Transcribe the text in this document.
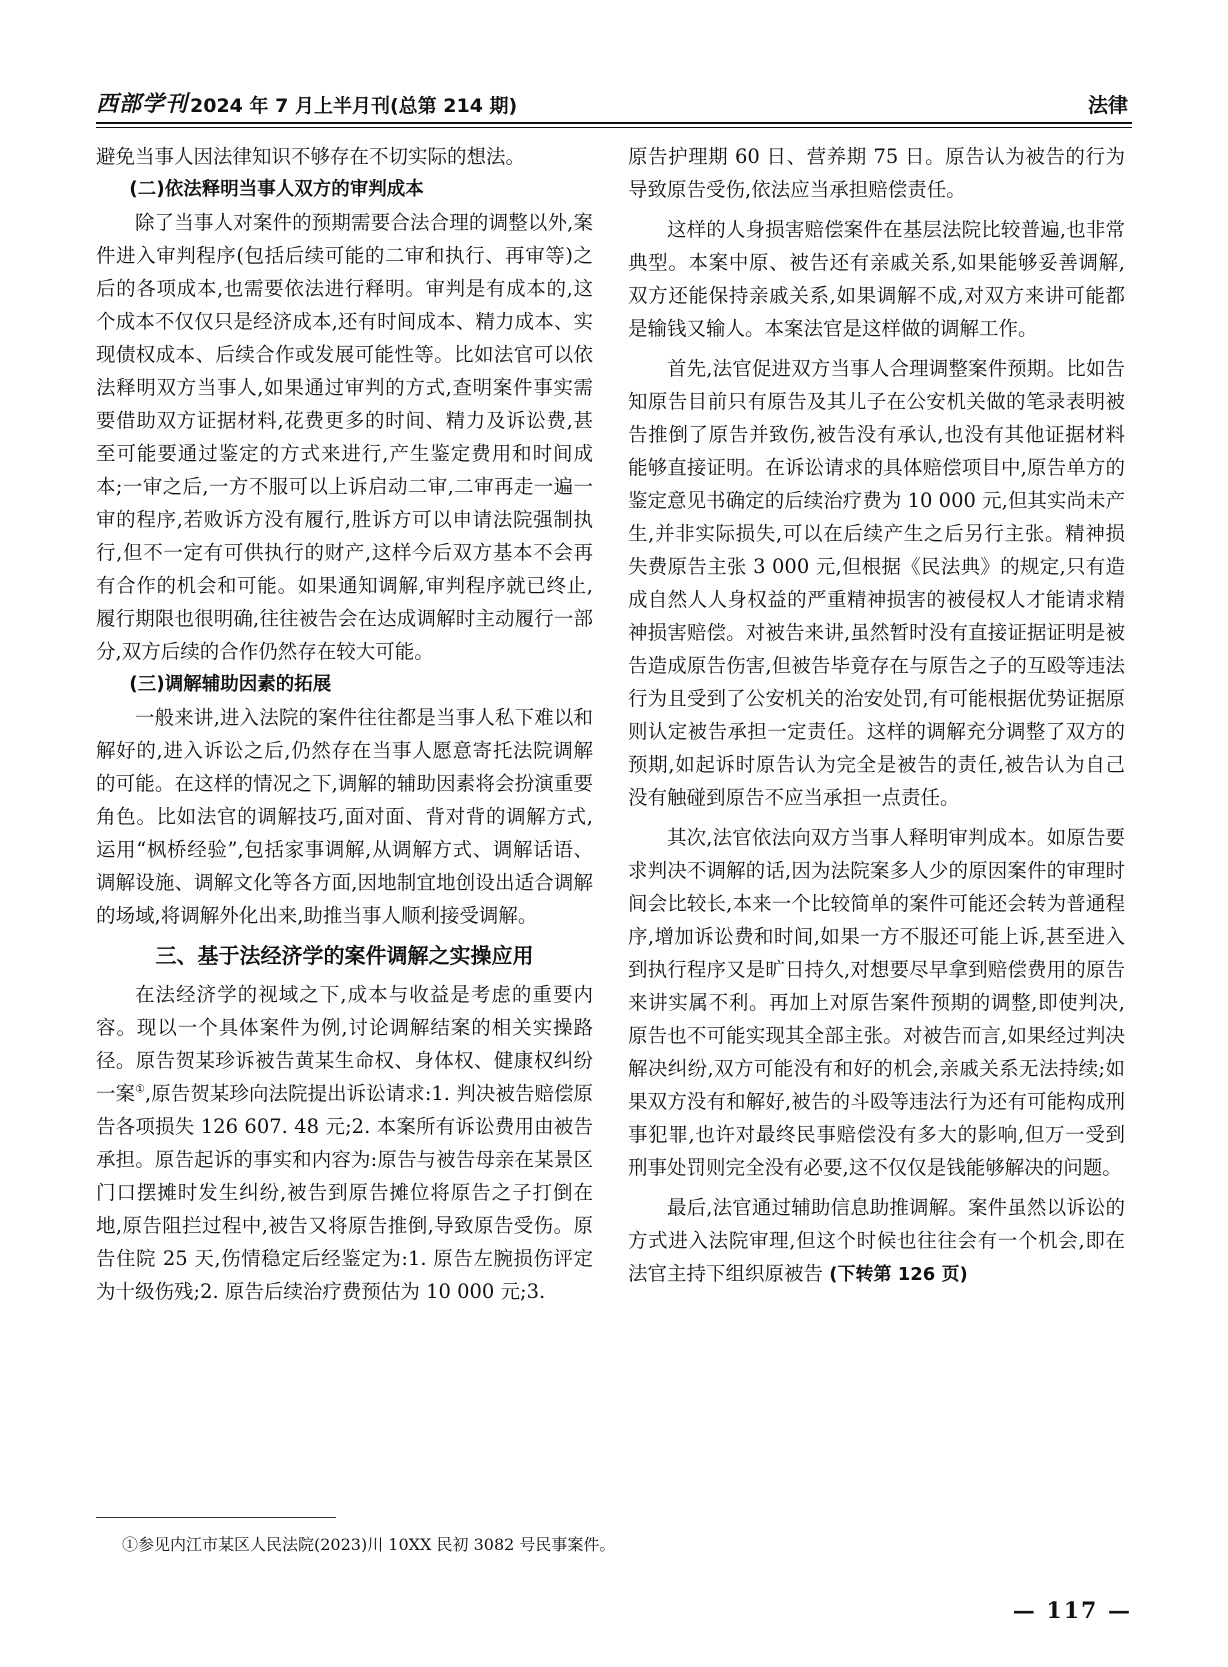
西部学刊 2024 年 7 月上半月刊(总第 214 期)	法律

避免当事人因法律知识不够存在不切实际的想法。

(二)依法释明当事人双方的审判成本

除了当事人对案件的预期需要合法合理的调整以外,案件进入审判程序(包括后续可能的二审和执行、再审等)之后的各项成本,也需要依法进行释明。审判是有成本的,这个成本不仅仅只是经济成本,还有时间成本、精力成本、实现债权成本、后续合作或发展可能性等。比如法官可以依法释明双方当事人,如果通过审判的方式,查明案件事实需要借助双方证据材料,花费更多的时间、精力及诉讼费,甚至可能要通过鉴定的方式来进行,产生鉴定费用和时间成本;一审之后,一方不服可以上诉启动二审,二审再走一遍一审的程序,若败诉方没有履行,胜诉方可以申请法院强制执行,但不一定有可供执行的财产,这样今后双方基本不会再有合作的机会和可能。如果通知调解,审判程序就已终止,履行期限也很明确,往往被告会在达成调解时主动履行一部分,双方后续的合作仍然存在较大可能。

(三)调解辅助因素的拓展

一般来讲,进入法院的案件往往都是当事人私下难以和解好的,进入诉讼之后,仍然存在当事人愿意寄托法院调解的可能。在这样的情况之下,调解的辅助因素将会扮演重要角色。比如法官的调解技巧,面对面、背对背的调解方式,运用“枫桥经验”,包括家事调解,从调解方式、调解话语、调解设施、调解文化等各方面,因地制宜地创设出适合调解的场域,将调解外化出来,助推当事人顺利接受调解。

三、基于法经济学的案件调解之实操应用

在法经济学的视域之下,成本与收益是考虑的重要内容。现以一个具体案件为例,讨论调解结案的相关实操路径。原告贺某珍诉被告黄某生命权、身体权、健康权纠纷一案①,原告贺某珍向法院提出诉讼请求:1. 判决被告赔偿原告各项损失 126 607. 48 元;2. 本案所有诉讼费用由被告承担。原告起诉的事实和内容为:原告与被告母亲在某景区门口摆摊时发生纠纷,被告到原告摊位将原告之子打倒在地,原告阻拦过程中,被告又将原告推倒,导致原告受伤。原告住院 25 天,伤情稳定后经鉴定为:1. 原告左腕损伤评定为十级伤残;2. 原告后续治疗费预估为 10 000 元;3.

原告护理期 60 日、营养期 75 日。原告认为被告的行为导致原告受伤,依法应当承担赔偿责任。

这样的人身损害赔偿案件在基层法院比较普遍,也非常典型。本案中原、被告还有亲戚关系,如果能够妥善调解,双方还能保持亲戚关系,如果调解不成,对双方来讲可能都是输钱又输人。本案法官是这样做的调解工作。

首先,法官促进双方当事人合理调整案件预期。比如告知原告目前只有原告及其儿子在公安机关做的笔录表明被告推倒了原告并致伤,被告没有承认,也没有其他证据材料能够直接证明。在诉讼请求的具体赔偿项目中,原告单方的鉴定意见书确定的后续治疗费为 10 000 元,但其实尚未产生,并非实际损失,可以在后续产生之后另行主张。精神损失费原告主张 3 000 元,但根据《民法典》的规定,只有造成自然人人身权益的严重精神损害的被侵权人才能请求精神损害赔偿。对被告来讲,虽然暂时没有直接证据证明是被告造成原告伤害,但被告毕竟存在与原告之子的互殴等违法行为且受到了公安机关的治安处罚,有可能根据优势证据原则认定被告承担一定责任。这样的调解充分调整了双方的预期,如起诉时原告认为完全是被告的责任,被告认为自己没有触碰到原告不应当承担一点责任。

其次,法官依法向双方当事人释明审判成本。如原告要求判决不调解的话,因为法院案多人少的原因案件的审理时间会比较长,本来一个比较简单的案件可能还会转为普通程序,增加诉讼费和时间,如果一方不服还可能上诉,甚至进入到执行程序又是旷日持久,对想要尽早拿到赔偿费用的原告来讲实属不利。再加上对原告案件预期的调整,即使判决,原告也不可能实现其全部主张。对被告而言,如果经过判决解决纠纷,双方可能没有和好的机会,亲戚关系无法持续;如果双方没有和解好,被告的斗殴等违法行为还有可能构成刑事犯罪,也许对最终民事赔偿没有多大的影响,但万一受到刑事处罚则完全没有必要,这不仅仅是钱能够解决的问题。

最后,法官通过辅助信息助推调解。案件虽然以诉讼的方式进入法院审理,但这个时候也往往会有一个机会,即在法官主持下组织原被告 (下转第 126 页)

①参见内江市某区人民法院(2023)川 10XX 民初 3082 号民事案件。
— 117 —
